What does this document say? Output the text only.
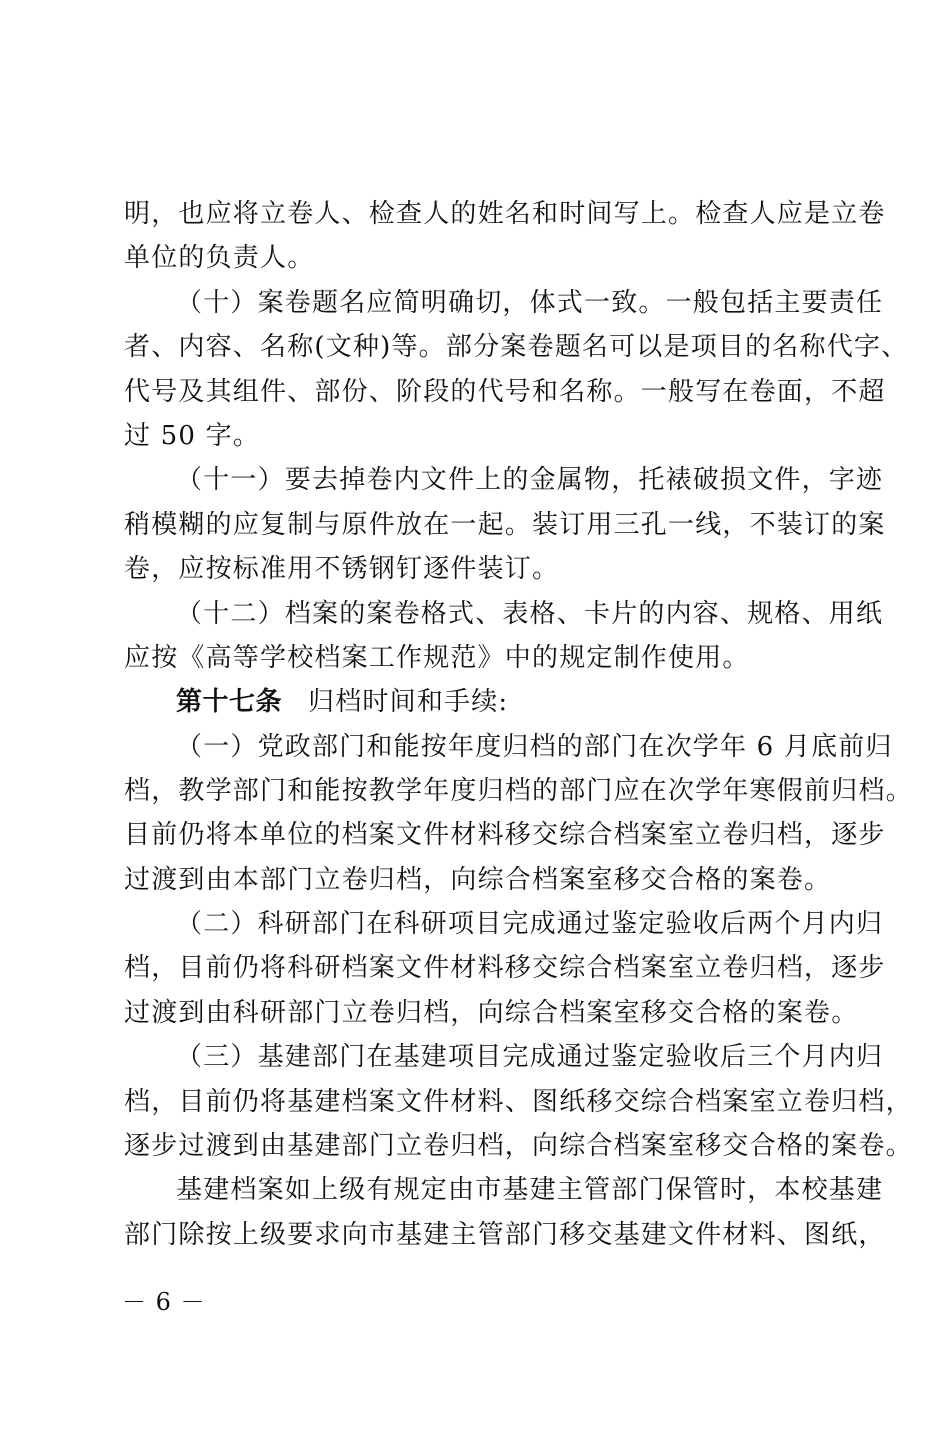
明，也应将立卷人、检查人的姓名和时间写上。检查人应是立卷
单位的负责人。
（十）案卷题名应简明确切，体式一致。一般包括主要责任
者、内容、名称(文种)等。部分案卷题名可以是项目的名称代字、
代号及其组件、部份、阶段的代号和名称。一般写在卷面，不超
过 50 字。
（十一）要去掉卷内文件上的金属物，托裱破损文件，字迹
稍模糊的应复制与原件放在一起。装订用三孔一线，不装订的案
卷，应按标准用不锈钢钉逐件装订。
（十二）档案的案卷格式、表格、卡片的内容、规格、用纸
应按《高等学校档案工作规范》中的规定制作使用。
第十七条 归档时间和手续:
（一）党政部门和能按年度归档的部门在次学年 6 月底前归
档，教学部门和能按教学年度归档的部门应在次学年寒假前归档。
目前仍将本单位的档案文件材料移交综合档案室立卷归档，逐步
过渡到由本部门立卷归档，向综合档案室移交合格的案卷。
（二）科研部门在科研项目完成通过鉴定验收后两个月内归
档，目前仍将科研档案文件材料移交综合档案室立卷归档，逐步
过渡到由科研部门立卷归档，向综合档案室移交合格的案卷。
（三）基建部门在基建项目完成通过鉴定验收后三个月内归
档，目前仍将基建档案文件材料、图纸移交综合档案室立卷归档，
逐步过渡到由基建部门立卷归档，向综合档案室移交合格的案卷。
基建档案如上级有规定由市基建主管部门保管时，本校基建
部门除按上级要求向市基建主管部门移交基建文件材料、图纸，
－ 6 －
